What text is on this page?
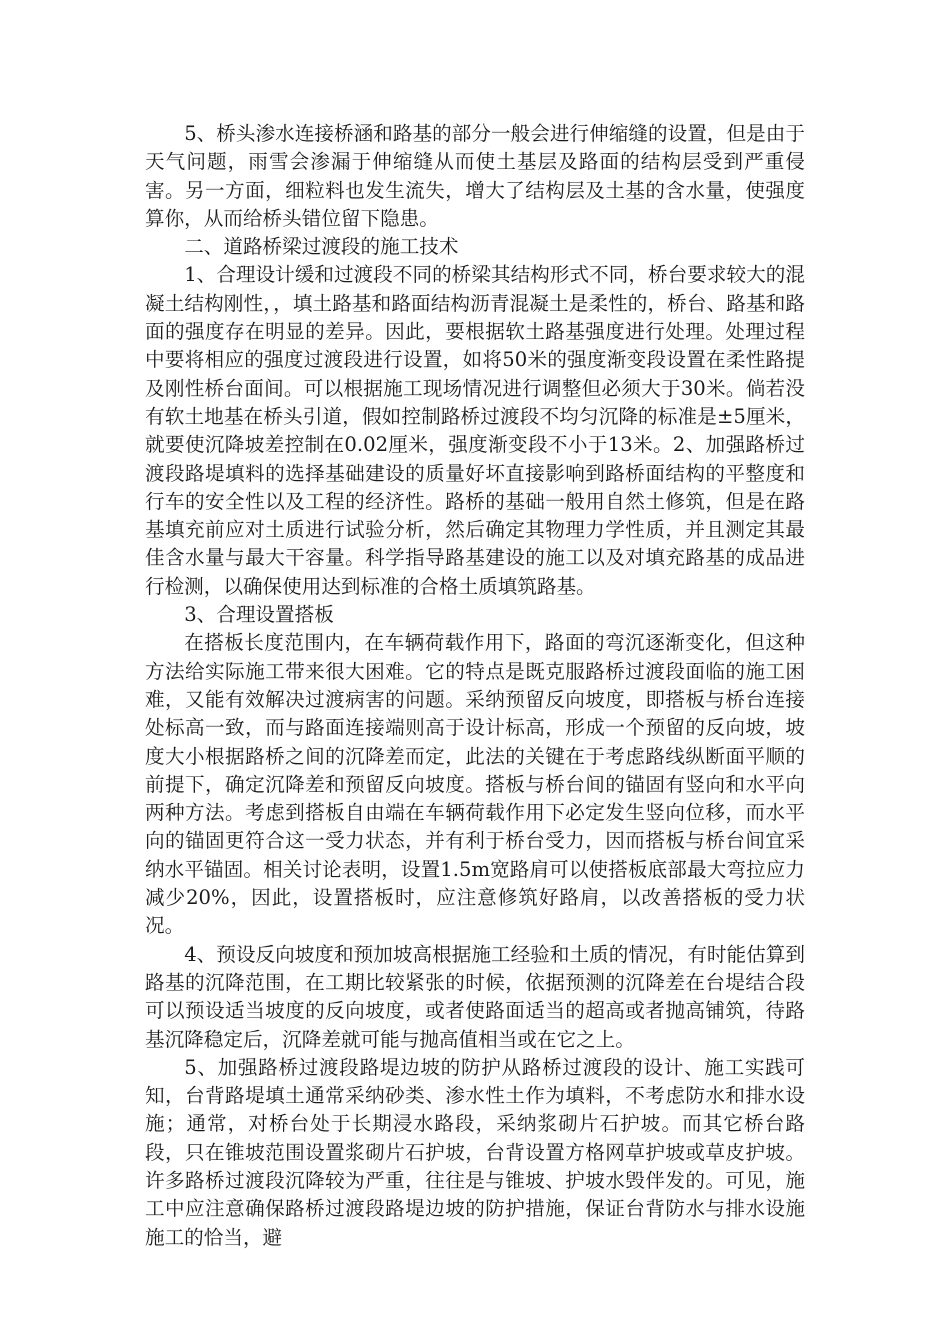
5、桥头渗水连接桥涵和路基的部分一般会进行伸缩缝的设置，但是由于天气问题，雨雪会渗漏于伸缩缝从而使土基层及路面的结构层受到严重侵害。另一方面，细粒料也发生流失，增大了结构层及土基的含水量，使强度算你，从而给桥头错位留下隐患。

二、道路桥梁过渡段的施工技术

1、合理设计缓和过渡段不同的桥梁其结构形式不同，桥台要求较大的混凝土结构刚性，，填土路基和路面结构沥青混凝土是柔性的，桥台、路基和路面的强度存在明显的差异。因此，要根据软土路基强度进行处理。处理过程中要将相应的强度过渡段进行设置，如将50米的强度渐变段设置在柔性路提及刚性桥台面间。可以根据施工现场情况进行调整但必须大于30米。倘若没有软土地基在桥头引道，假如控制路桥过渡段不均匀沉降的标准是±5厘米，就要使沉降坡差控制在0.02厘米，强度渐变段不小于13米。2、加强路桥过渡段路堤填料的选择基础建设的质量好坏直接影响到路桥面结构的平整度和行车的安全性以及工程的经济性。路桥的基础一般用自然土修筑，但是在路基填充前应对土质进行试验分析，然后确定其物理力学性质，并且测定其最佳含水量与最大干容量。科学指导路基建设的施工以及对填充路基的成品进行检测，以确保使用达到标准的合格土质填筑路基。

3、合理设置搭板

在搭板长度范围内，在车辆荷载作用下，路面的弯沉逐渐变化，但这种方法给实际施工带来很大困难。它的特点是既克服路桥过渡段面临的施工困难，又能有效解决过渡病害的问题。采纳预留反向坡度，即搭板与桥台连接处标高一致，而与路面连接端则高于设计标高，形成一个预留的反向坡，坡度大小根据路桥之间的沉降差而定，此法的关键在于考虑路线纵断面平顺的前提下，确定沉降差和预留反向坡度。搭板与桥台间的锚固有竖向和水平向两种方法。考虑到搭板自由端在车辆荷载作用下必定发生竖向位移，而水平向的锚固更符合这一受力状态，并有利于桥台受力，因而搭板与桥台间宜采纳水平锚固。相关讨论表明，设置1.5m宽路肩可以使搭板底部最大弯拉应力减少20%，因此，设置搭板时，应注意修筑好路肩，以改善搭板的受力状况。

4、预设反向坡度和预加坡高根据施工经验和土质的情况，有时能估算到路基的沉降范围，在工期比较紧张的时候，依据预测的沉降差在台堤结合段可以预设适当坡度的反向坡度，或者使路面适当的超高或者抛高铺筑，待路基沉降稳定后，沉降差就可能与抛高值相当或在它之上。

5、加强路桥过渡段路堤边坡的防护从路桥过渡段的设计、施工实践可知，台背路堤填土通常采纳砂类、渗水性土作为填料，不考虑防水和排水设施；通常，对桥台处于长期浸水路段，采纳浆砌片石护坡。而其它桥台路段，只在锥坡范围设置浆砌片石护坡，台背设置方格网草护坡或草皮护坡。许多路桥过渡段沉降较为严重，往往是与锥坡、护坡水毁伴发的。可见，施工中应注意确保路桥过渡段路堤边坡的防护措施，保证台背防水与排水设施施工的恰当，避
